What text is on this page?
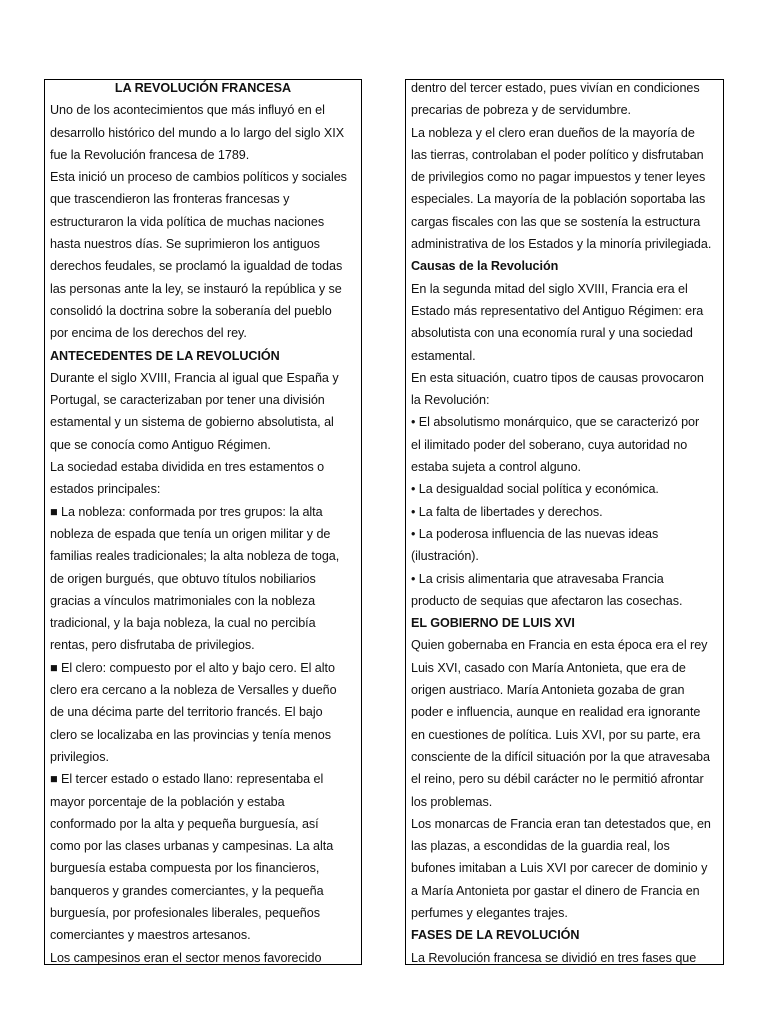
LA REVOLUCIÓN FRANCESA
Uno de los acontecimientos que más influyó en el
desarrollo histórico del mundo a lo largo del siglo XIX
fue la Revolución francesa de 1789.
Esta inició un proceso de cambios políticos y sociales
que trascendieron las fronteras francesas y
estructuraron la vida política de muchas naciones
hasta nuestros días. Se suprimieron los antiguos
derechos feudales, se proclamó la igualdad de todas
las personas ante la ley, se instauró la república y se
consolidó la doctrina sobre la soberanía del pueblo
por encima de los derechos del rey.
ANTECEDENTES DE LA REVOLUCIÓN
Durante el siglo XVIII, Francia al igual que España y
Portugal, se caracterizaban por tener una división
estamental y un sistema de gobierno absolutista, al
que se conocía como Antiguo Régimen.
La sociedad estaba dividida en tres estamentos o
estados principales:
■ La nobleza: conformada por tres grupos: la alta
nobleza de espada que tenía un origen militar y de
familias reales tradicionales; la alta nobleza de toga,
de origen burgués, que obtuvo títulos nobiliarios
gracias a vínculos matrimoniales con la nobleza
tradicional, y la baja nobleza, la cual no percibía
rentas, pero disfrutaba de privilegios.
■ El clero: compuesto por el alto y bajo cero. El alto
clero era cercano a la nobleza de Versalles y dueño
de una décima parte del territorio francés. El bajo
clero se localizaba en las provincias y tenía menos
privilegios.
■ El tercer estado o estado llano: representaba el
mayor porcentaje de la población y estaba
conformado por la alta y pequeña burguesía, así
como por las clases urbanas y campesinas. La alta
burguesía estaba compuesta por los financieros,
banqueros y grandes comerciantes, y la pequeña
burguesía, por profesionales liberales, pequeños
comerciantes y maestros artesanos.
Los campesinos eran el sector menos favorecido
dentro del tercer estado, pues vivían en condiciones
precarias de pobreza y de servidumbre.
La nobleza y el clero eran dueños de la mayoría de
las tierras, controlaban el poder político y disfrutaban
de privilegios como no pagar impuestos y tener leyes
especiales. La mayoría de la población soportaba las
cargas fiscales con las que se sostenía la estructura
administrativa de los Estados y la minoría privilegiada.
Causas de la Revolución
En la segunda mitad del siglo XVIII, Francia era el
Estado más representativo del Antiguo Régimen: era
absolutista con una economía rural y una sociedad
estamental.
En esta situación, cuatro tipos de causas provocaron
la Revolución:
• El absolutismo monárquico, que se caracterizó por
el ilimitado poder del soberano, cuya autoridad no
estaba sujeta a control alguno.
• La desigualdad social política y económica.
• La falta de libertades y derechos.
• La poderosa influencia de las nuevas ideas
(ilustración).
• La crisis alimentaria que atravesaba Francia
producto de sequias que afectaron las cosechas.
EL GOBIERNO DE LUIS XVI
Quien gobernaba en Francia en esta época era el rey
Luis XVI, casado con María Antonieta, que era de
origen austriaco. María Antonieta gozaba de gran
poder e influencia, aunque en realidad era ignorante
en cuestiones de política. Luis XVI, por su parte, era
consciente de la difícil situación por la que atravesaba
el reino, pero su débil carácter no le permitió afrontar
los problemas.
Los monarcas de Francia eran tan detestados que, en
las plazas, a escondidas de la guardia real, los
bufones imitaban a Luis XVI por carecer de dominio y
a María Antonieta por gastar el dinero de Francia en
perfumes y elegantes trajes.
FASES DE LA REVOLUCIÓN
La Revolución francesa se dividió en tres fases que
